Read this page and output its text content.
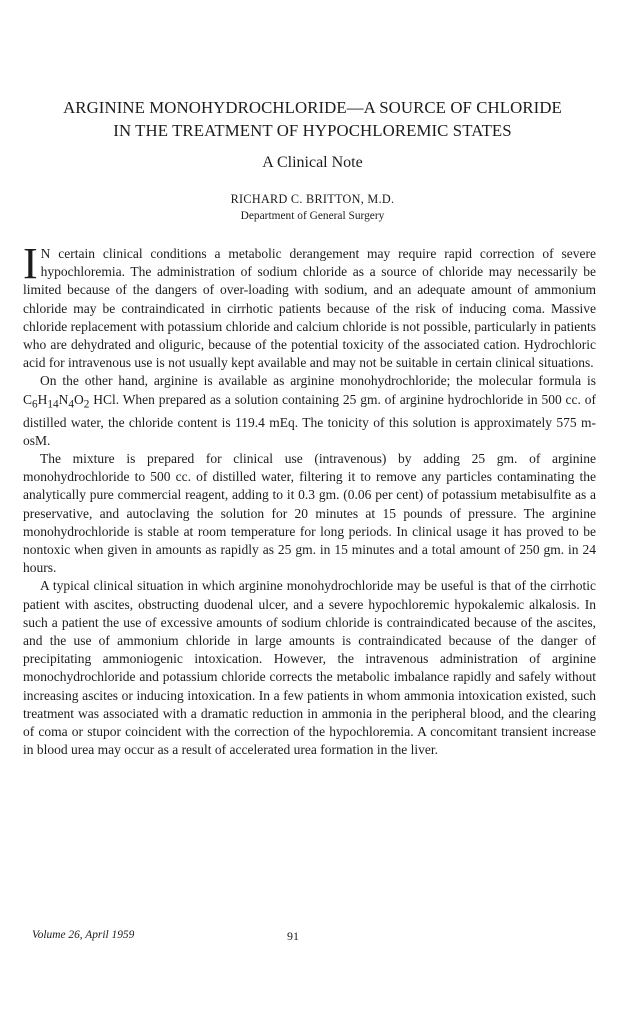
ARGININE MONOHYDROCHLORIDE—A SOURCE OF CHLORIDE
IN THE TREATMENT OF HYPOCHLOREMIC STATES
A Clinical Note
RICHARD C. BRITTON, M.D.
Department of General Surgery

I N certain clinical conditions a metabolic derangement may require rapid correction of severe hypochloremia. The administration of sodium chloride as a source of chloride may necessarily be limited because of the dangers of over-loading with sodium, and an adequate amount of ammonium chloride may be contraindicated in cirrhotic patients because of the risk of inducing coma. Massive chloride replacement with potassium chloride and calcium chloride is not possible, particularly in patients who are dehydrated and oliguric, because of the potential toxicity of the associated cation. Hydrochloric acid for intravenous use is not usually kept available and may not be suitable in certain clinical situations.

On the other hand, arginine is available as arginine monohydrochloride; the molecular formula is $C_6H_{14}N_4O_2$ HCl. When prepared as a solution containing 25 gm. of arginine hydrochloride in 500 cc. of distilled water, the chloride content is 119.4 mEq. The tonicity of this solution is approximately 575 m-osM.

The mixture is prepared for clinical use (intravenous) by adding 25 gm. of arginine monohydrochloride to 500 cc. of distilled water, filtering it to remove any particles contaminating the analytically pure commercial reagent, adding to it 0.3 gm. (0.06 per cent) of potassium metabisulfite as a preservative, and autoclaving the solution for 20 minutes at 15 pounds of pressure. The arginine monohydrochloride is stable at room temperature for long periods. In clinical usage it has proved to be nontoxic when given in amounts as rapidly as 25 gm. in 15 minutes and a total amount of 250 gm. in 24 hours.

A typical clinical situation in which arginine monohydrochloride may be useful is that of the cirrhotic patient with ascites, obstructing duodenal ulcer, and a severe hypochloremic hypokalemic alkalosis. In such a patient the use of excessive amounts of sodium chloride is contraindicated because of the ascites, and the use of ammonium chloride in large amounts is contraindicated because of the danger of precipitating ammoniogenic intoxication. However, the intravenous administration of arginine monochydrochloride and potassium chloride corrects the metabolic imbalance rapidly and safely without increasing ascites or inducing intoxication. In a few patients in whom ammonia intoxication existed, such treatment was associated with a dramatic reduction in ammonia in the peripheral blood, and the clearing of coma or stupor coincident with the correction of the hypochloremia. A concomitant transient increase in blood urea may occur as a result of accelerated urea formation in the liver.

Volume 26, April 1959	91
